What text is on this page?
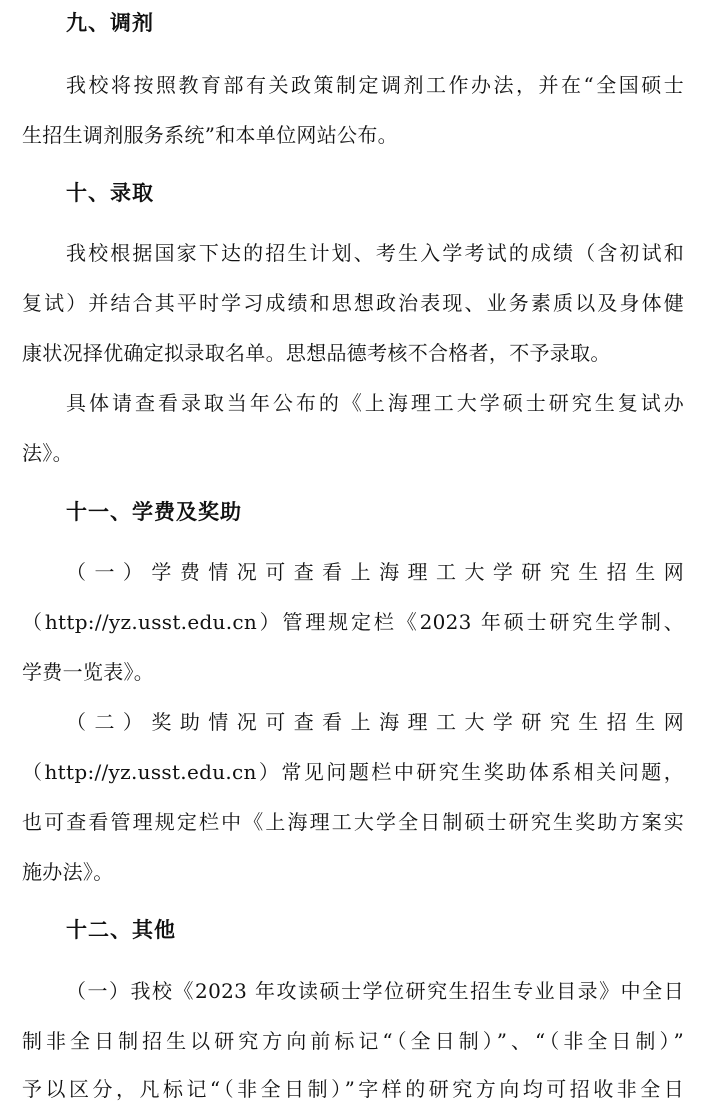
九、调剂
我校将按照教育部有关政策制定调剂工作办法，并在“全国硕士
生招生调剂服务系统”和本单位网站公布。
十、录取
我校根据国家下达的招生计划、考生入学考试的成绩（含初试和
复试）并结合其平时学习成绩和思想政治表现、业务素质以及身体健
康状况择优确定拟录取名单。思想品德考核不合格者，不予录取。
具体请查看录取当年公布的《上海理工大学硕士研究生复试办
法》。
十一、学费及奖助
（一）学费情况可查看上海理工大学研究生招生网
（http://yz.usst.edu.cn）管理规定栏《2023 年硕士研究生学制、
学费一览表》。
（二）奖助情况可查看上海理工大学研究生招生网
（http://yz.usst.edu.cn）常见问题栏中研究生奖助体系相关问题，
也可查看管理规定栏中《上海理工大学全日制硕士研究生奖助方案实
施办法》。
十二、其他
（一）我校《2023 年攻读硕士学位研究生招生专业目录》中全日
制非全日制招生以研究方向前标记“（全日制）”、“（非全日制）”
予以区分，凡标记“（非全日制）”字样的研究方向均可招收非全日
